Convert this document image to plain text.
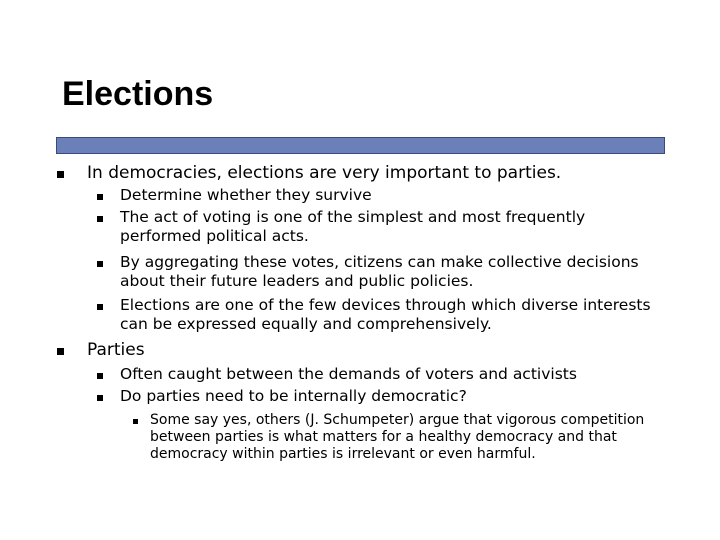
Elections
In democracies, elections are very important to parties.
Determine whether they survive
The act of voting is one of the simplest and most frequently performed political acts.
By aggregating these votes, citizens can make collective decisions about their future leaders and public policies.
Elections are one of the few devices through which diverse interests can be expressed equally and comprehensively.
Parties
Often caught between the demands of voters and activists
Do parties need to be internally democratic?
Some say yes, others (J. Schumpeter) argue that vigorous competition between parties is what matters for a healthy democracy and that democracy within parties is irrelevant or even harmful.
